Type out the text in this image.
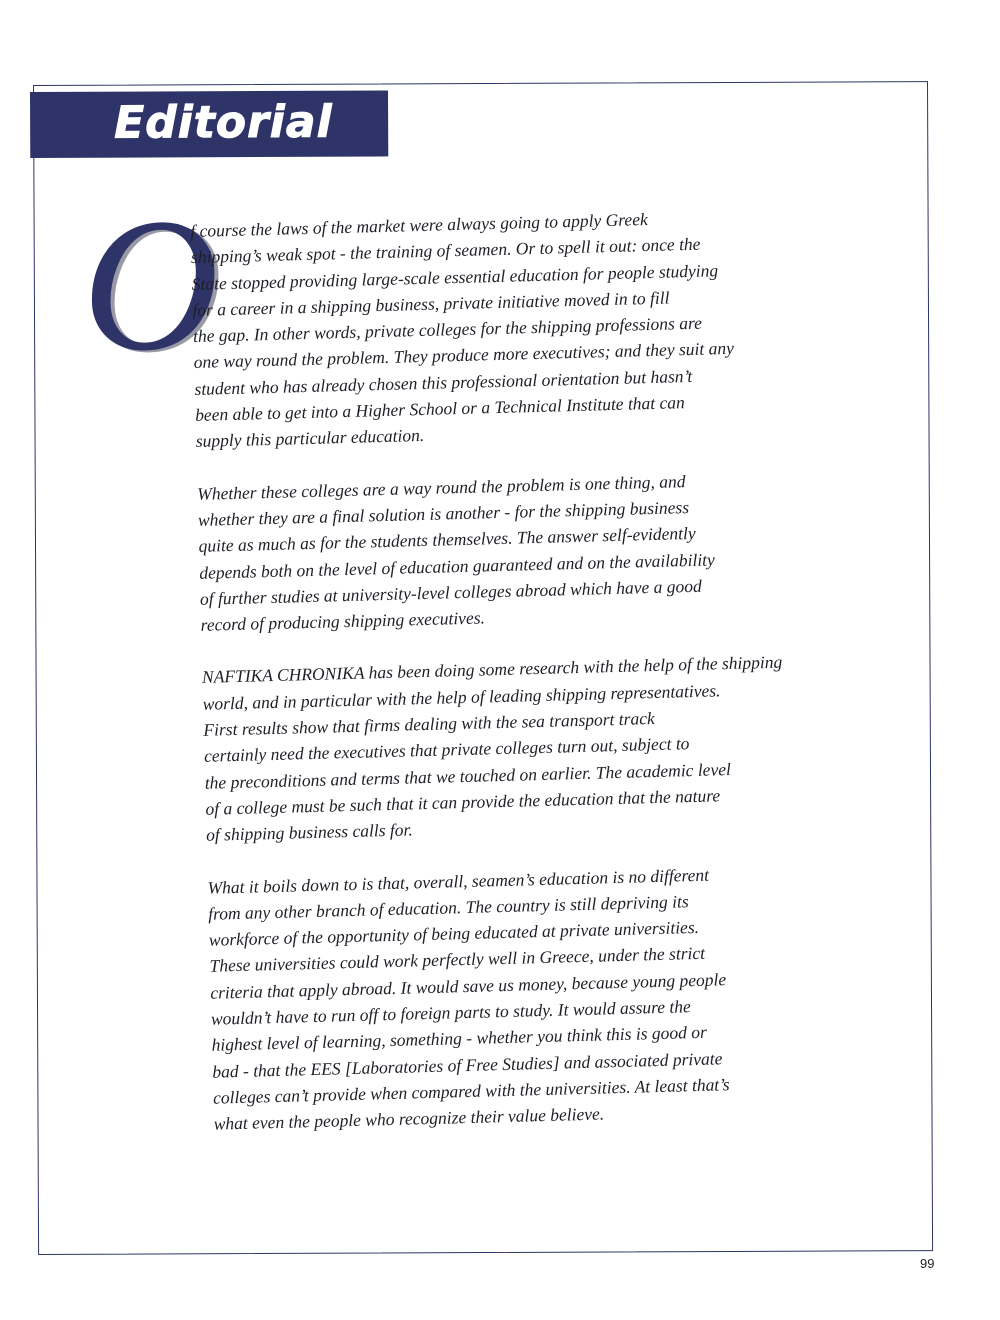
Editorial
O

f course the laws of the market were always going to apply Greek
shipping’s weak spot - the training of seamen. Or to spell it out: once the
State stopped providing large-scale essential education for people studying
for a career in a shipping business, private initiative moved in to fill
the gap. In other words, private colleges for the shipping professions are
one way round the problem. They produce more executives; and they suit any
student who has already chosen this professional orientation but hasn’t
been able to get into a Higher School or a Technical Institute that can
supply this particular education.

Whether these colleges are a way round the problem is one thing, and
whether they are a final solution is another - for the shipping business
quite as much as for the students themselves. The answer self-evidently
depends both on the level of education guaranteed and on the availability
of further studies at university-level colleges abroad which have a good
record of producing shipping executives.

NAFTIKA CHRONIKA has been doing some research with the help of the shipping
world, and in particular with the help of leading shipping representatives.
First results show that firms dealing with the sea transport track
certainly need the executives that private colleges turn out, subject to
the preconditions and terms that we touched on earlier. The academic level
of a college must be such that it can provide the education that the nature
of shipping business calls for.

What it boils down to is that, overall, seamen’s education is no different
from any other branch of education. The country is still depriving its
workforce of the opportunity of being educated at private universities.
These universities could work perfectly well in Greece, under the strict
criteria that apply abroad. It would save us money, because young people
wouldn’t have to run off to foreign parts to study. It would assure the
highest level of learning, something - whether you think this is good or
bad - that the EES [Laboratories of Free Studies] and associated private
colleges can’t provide when compared with the universities. At least that’s
what even the people who recognize their value believe.

99
